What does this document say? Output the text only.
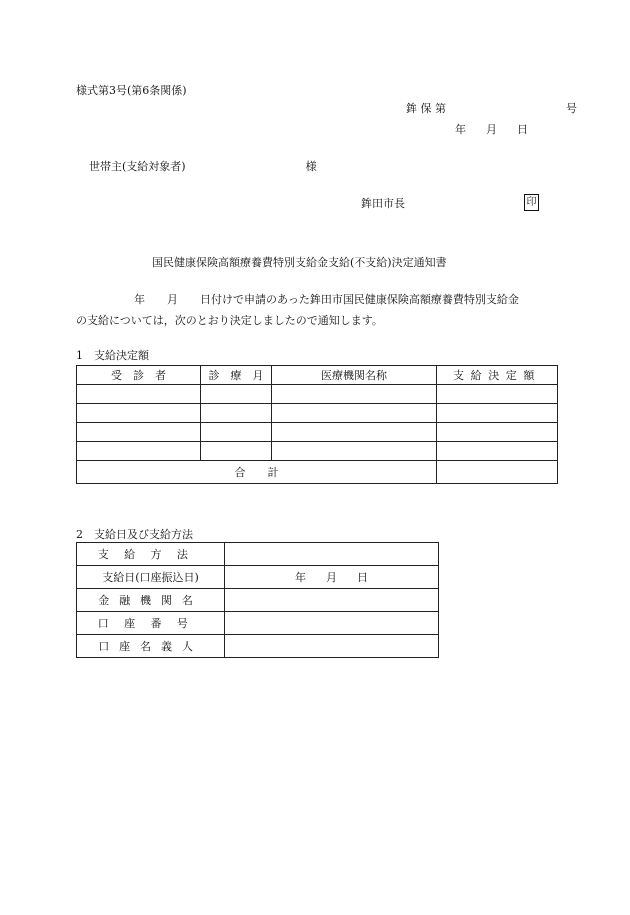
様式第3号(第6条関係)
鉾 保 第	号
年 月 日
世帯主(支給対象者)	様
鉾田市長	印
国民健康保険高額療養費特別支給金支給(不支給)決定通知書
年 月 日付けで申請のあった鉾田市国民健康保険高額療養費特別支給金
の支給については，次のとおり決定しましたので通知します。
1 支給決定額
受　診　者	診　療　月	医療機関名称	支給決定額

合　　計			
2 支給日及び支給方法
支給方法	
支給日(口座振込日)	年 月 日
金融機関名	
口座番号	
口座名義人	
